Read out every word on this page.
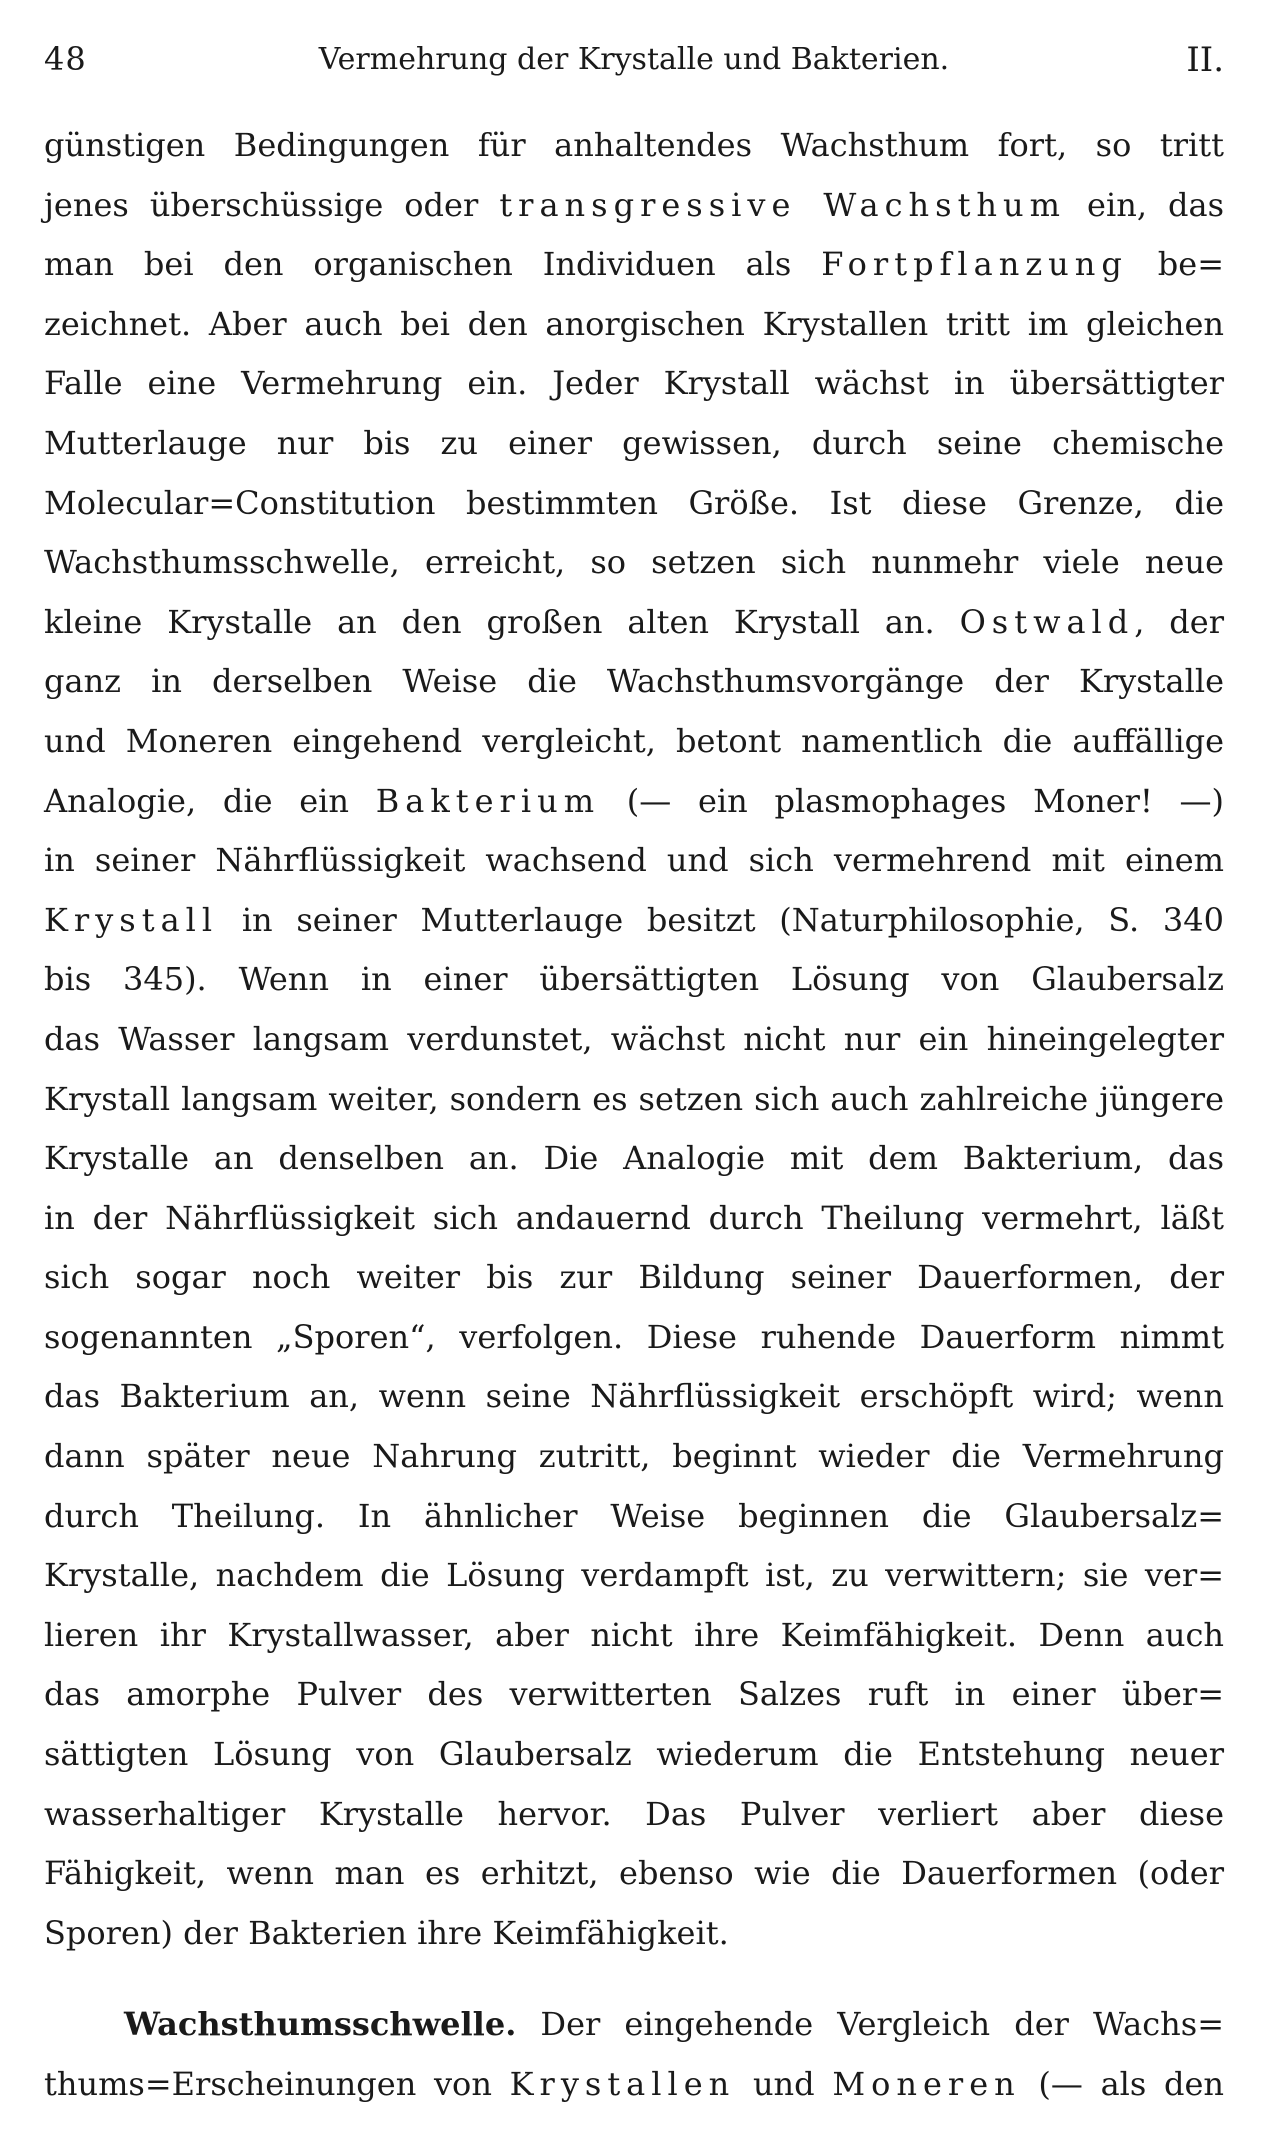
48	Vermehrung der Krystalle und Bakterien.	II.
günstigen Bedingungen für anhaltendes Wachsthum fort, so tritt
jenes überschüssige oder transgressive Wachsthum ein, das
man bei den organischen Individuen als Fortpflanzung be=
zeichnet. Aber auch bei den anorgischen Krystallen tritt im gleichen
Falle eine Vermehrung ein. Jeder Krystall wächst in übersättigter
Mutterlauge nur bis zu einer gewissen, durch seine chemische
Molecular=Constitution bestimmten Größe. Ist diese Grenze, die
Wachsthumsschwelle, erreicht, so setzen sich nunmehr viele neue
kleine Krystalle an den großen alten Krystall an. Ostwald, der
ganz in derselben Weise die Wachsthumsvorgänge der Krystalle
und Moneren eingehend vergleicht, betont namentlich die auffällige
Analogie, die ein Bakterium (— ein plasmophages Moner! —)
in seiner Nährflüssigkeit wachsend und sich vermehrend mit einem
Krystall in seiner Mutterlauge besitzt (Naturphilosophie, S. 340
bis 345). Wenn in einer übersättigten Lösung von Glaubersalz
das Wasser langsam verdunstet, wächst nicht nur ein hineingelegter
Krystall langsam weiter, sondern es setzen sich auch zahlreiche jüngere
Krystalle an denselben an. Die Analogie mit dem Bakterium, das
in der Nährflüssigkeit sich andauernd durch Theilung vermehrt, läßt
sich sogar noch weiter bis zur Bildung seiner Dauerformen, der
sogenannten „Sporen“, verfolgen. Diese ruhende Dauerform nimmt
das Bakterium an, wenn seine Nährflüssigkeit erschöpft wird; wenn
dann später neue Nahrung zutritt, beginnt wieder die Vermehrung
durch Theilung. In ähnlicher Weise beginnen die Glaubersalz=
Krystalle, nachdem die Lösung verdampft ist, zu verwittern; sie ver=
lieren ihr Krystallwasser, aber nicht ihre Keimfähigkeit. Denn auch
das amorphe Pulver des verwitterten Salzes ruft in einer über=
sättigten Lösung von Glaubersalz wiederum die Entstehung neuer
wasserhaltiger Krystalle hervor. Das Pulver verliert aber diese
Fähigkeit, wenn man es erhitzt, ebenso wie die Dauerformen (oder
Sporen) der Bakterien ihre Keimfähigkeit.
Wachsthumsschwelle. Der eingehende Vergleich der Wachs=
thums=Erscheinungen von Krystallen und Moneren (— als den
